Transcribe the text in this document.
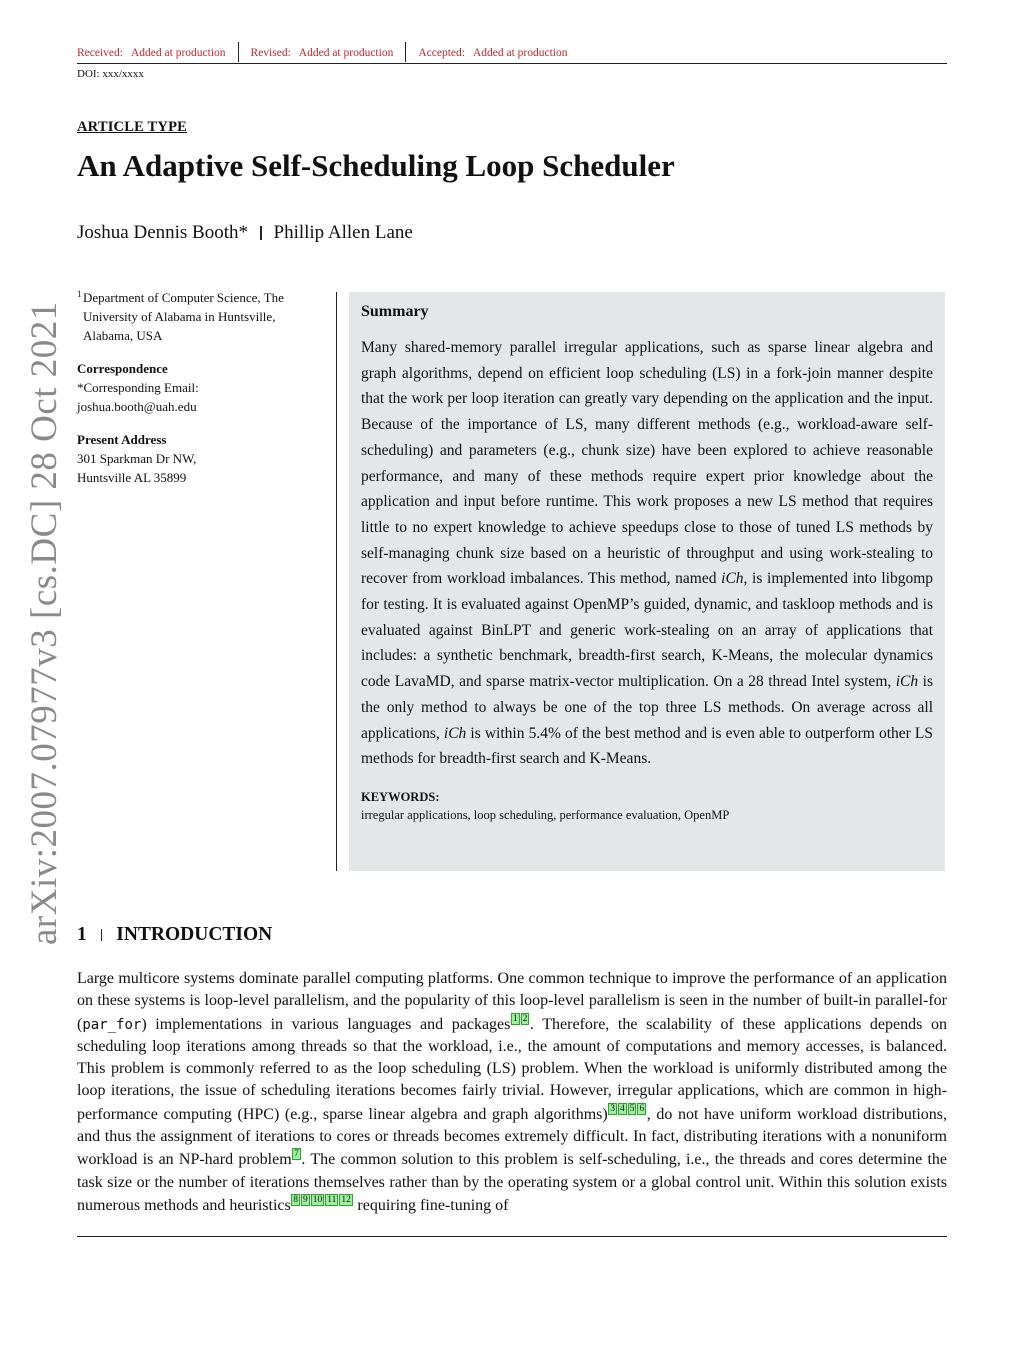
Received: Added at production Revised: Added at production Accepted: Added at production
DOI: xxx/xxxx
ARTICLE TYPE
An Adaptive Self-Scheduling Loop Scheduler
Joshua Dennis Booth* Phillip Allen Lane
arXiv:2007.07977v3 [cs.DC] 28 Oct 2021
1 Department of Computer Science, The
University of Alabama in Huntsville,
Alabama, USA
Correspondence
*Corresponding Email:
joshua.booth@uah.edu
Present Address
301 Sparkman Dr NW,
Huntsville AL 35899
Summary
Many shared-memory parallel irregular applications, such as sparse linear algebra and graph algorithms, depend on efficient loop scheduling (LS) in a fork-join manner despite that the work per loop iteration can greatly vary depending on the application and the input. Because of the importance of LS, many different methods (e.g., workload-aware self-scheduling) and parameters (e.g., chunk size) have been explored to achieve reasonable performance, and many of these methods require expert prior knowledge about the application and input before runtime. This work proposes a new LS method that requires little to no expert knowledge to achieve speedups close to those of tuned LS methods by self-managing chunk size based on a heuristic of throughput and using work-stealing to recover from workload imbalances. This method, named iCh, is implemented into libgomp for testing. It is evaluated against OpenMP’s guided, dynamic, and taskloop methods and is evaluated against BinLPT and generic work-stealing on an array of applications that includes: a synthetic benchmark, breadth-first search, K-Means, the molecular dynamics code LavaMD, and sparse matrix-vector multiplication. On a 28 thread Intel system, iCh is the only method to always be one of the top three LS methods. On average across all applications, iCh is within 5.4% of the best method and is even able to outperform other LS methods for breadth-first search and K-Means.
KEYWORDS:
irregular applications, loop scheduling, performance evaluation, OpenMP
1 INTRODUCTION
Large multicore systems dominate parallel computing platforms. One common technique to improve the performance of an application on these systems is loop-level parallelism, and the popularity of this loop-level parallelism is seen in the number of built-in parallel-for (par_for) implementations in various languages and packages 1 2 . Therefore, the scalability of these applications depends on scheduling loop iterations among threads so that the workload, i.e., the amount of computations and memory accesses, is balanced. This problem is commonly referred to as the loop scheduling (LS) problem. When the workload is uniformly distributed among the loop iterations, the issue of scheduling iterations becomes fairly trivial. However, irregular applications, which are common in high-performance computing (HPC) (e.g., sparse linear algebra and graph algorithms) 3 4 5 6 , do not have uniform workload distributions, and thus the assignment of iterations to cores or threads becomes extremely difficult. In fact, distributing iterations with a nonuniform workload is an NP-hard problem 7 . The common solution to this problem is self-scheduling, i.e., the threads and cores determine the task size or the number of iterations themselves rather than by the operating system or a global control unit. Within this solution exists numerous methods and heuristics 8 9 10 11 12 requiring fine-tuning of
